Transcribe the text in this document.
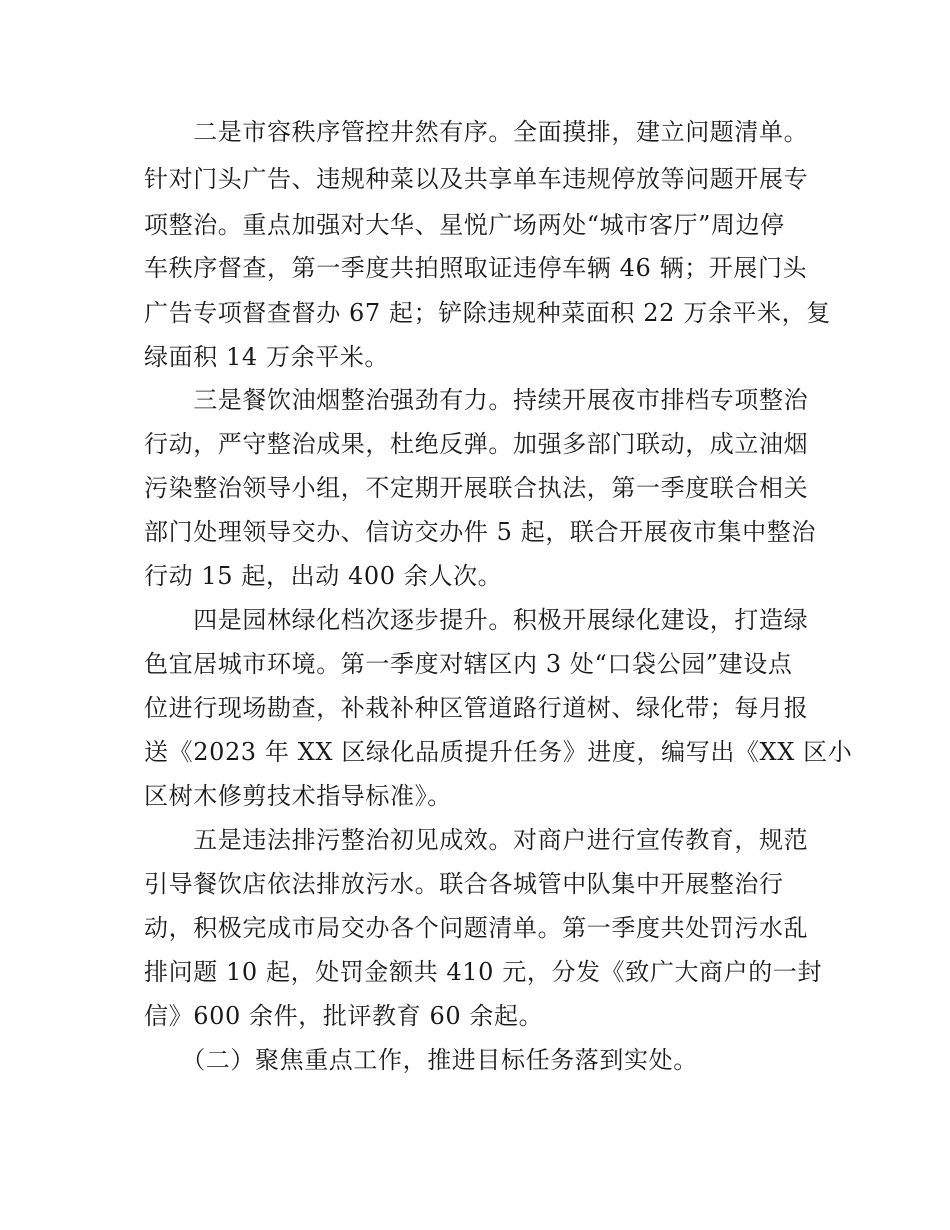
　　二是市容秩序管控井然有序。全面摸排，建立问题清单。
针对门头广告、违规种菜以及共享单车违规停放等问题开展专
项整治。重点加强对大华、星悦广场两处“城市客厅”周边停
车秩序督查，第一季度共拍照取证违停车辆 46 辆；开展门头
广告专项督查督办 67 起；铲除违规种菜面积 22 万余平米，复
绿面积 14 万余平米。
　　三是餐饮油烟整治强劲有力。持续开展夜市排档专项整治
行动，严守整治成果，杜绝反弹。加强多部门联动，成立油烟
污染整治领导小组，不定期开展联合执法，第一季度联合相关
部门处理领导交办、信访交办件 5 起，联合开展夜市集中整治
行动 15 起，出动 400 余人次。
　　四是园林绿化档次逐步提升。积极开展绿化建设，打造绿
色宜居城市环境。第一季度对辖区内 3 处“口袋公园”建设点
位进行现场勘查，补栽补种区管道路行道树、绿化带；每月报
送《2023 年 XX 区绿化品质提升任务》进度，编写出《XX 区小
区树木修剪技术指导标准》。
　　五是违法排污整治初见成效。对商户进行宣传教育，规范
引导餐饮店依法排放污水。联合各城管中队集中开展整治行
动，积极完成市局交办各个问题清单。第一季度共处罚污水乱
排问题 10 起，处罚金额共 410 元，分发《致广大商户的一封
信》600 余件，批评教育 60 余起。
　　（二）聚焦重点工作，推进目标任务落到实处。
